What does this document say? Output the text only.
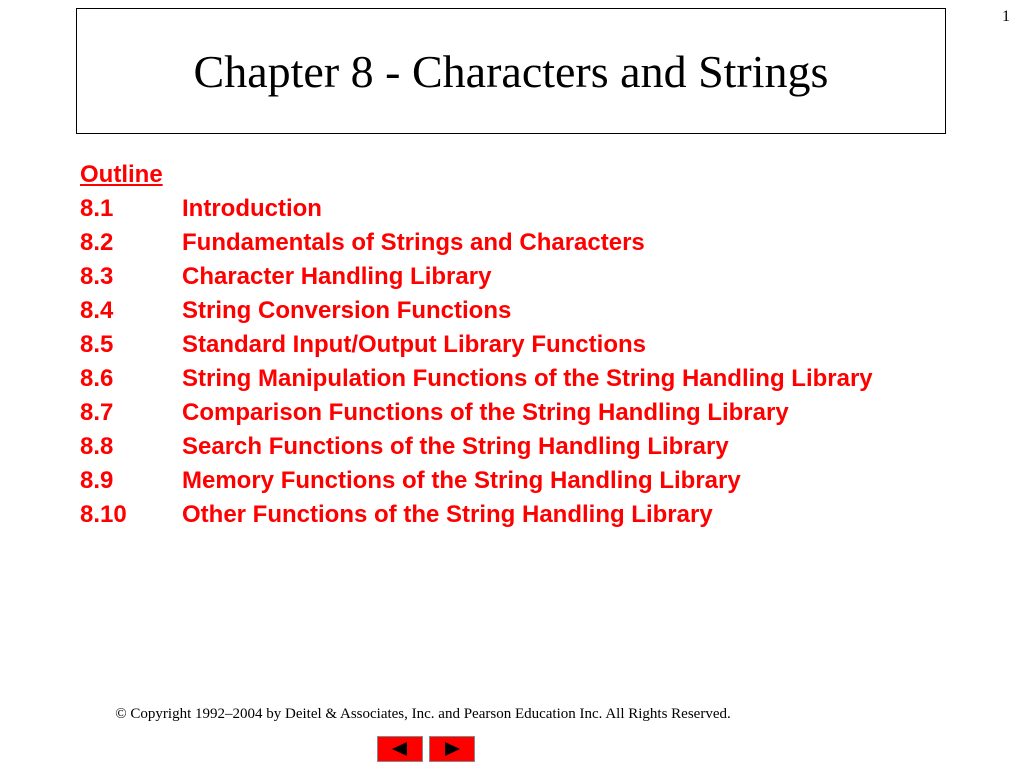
1
Chapter 8 - Characters and Strings
Outline
8.1	Introduction
8.2	Fundamentals of Strings and Characters
8.3	Character Handling Library
8.4	String Conversion Functions
8.5	Standard Input/Output Library Functions
8.6	String Manipulation Functions of the String Handling Library
8.7	Comparison Functions of the String Handling Library
8.8	Search Functions of the String Handling Library
8.9	Memory Functions of the String Handling Library
8.10	Other Functions of the String Handling Library
© Copyright 1992–2004 by Deitel & Associates, Inc. and Pearson Education Inc. All Rights Reserved.
